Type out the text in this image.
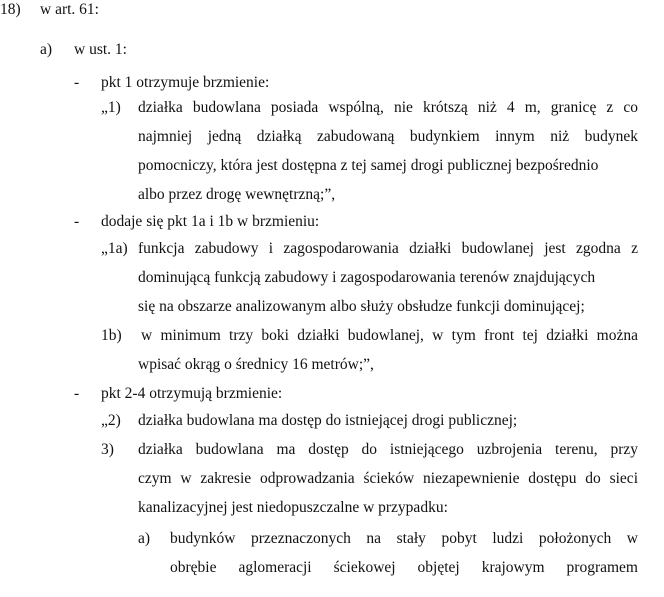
18) w art. 61:
a) w ust. 1:
- pkt 1 otrzymuje brzmienie:
„1) działka budowlana posiada wspólną, nie krótszą niż 4 m, granicę z co
najmniej jedną działką zabudowaną budynkiem innym niż budynek
pomocniczy, która jest dostępna z tej samej drogi publicznej bezpośrednio
albo przez drogę wewnętrzną;”,
- dodaje się pkt 1a i 1b w brzmieniu:
„1a) funkcja zabudowy i zagospodarowania działki budowlanej jest zgodna z
dominującą funkcją zabudowy i zagospodarowania terenów znajdujących
się na obszarze analizowanym albo służy obsłudze funkcji dominującej;
1b) w minimum trzy boki działki budowlanej, w tym front tej działki można
wpisać okrąg o średnicy 16 metrów;”,
- pkt 2-4 otrzymują brzmienie:
„2) działka budowlana ma dostęp do istniejącej drogi publicznej;
3) działka budowlana ma dostęp do istniejącego uzbrojenia terenu, przy
czym w zakresie odprowadzania ścieków niezapewnienie dostępu do sieci
kanalizacyjnej jest niedopuszczalne w przypadku:
a) budynków przeznaczonych na stały pobyt ludzi położonych w
obrębie aglomeracji ściekowej objętej krajowym programem
